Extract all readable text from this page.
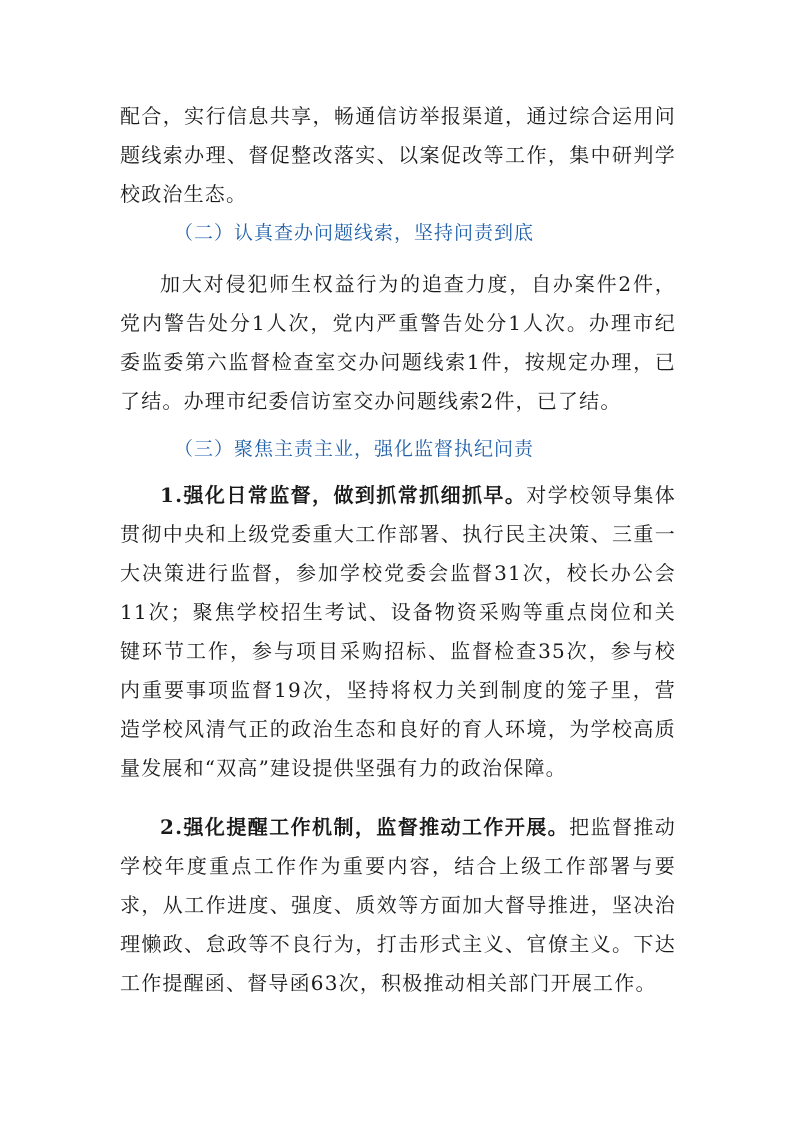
配合，实行信息共享，畅通信访举报渠道，通过综合运用问题线索办理、督促整改落实、以案促改等工作，集中研判学校政治生态。

（二）认真查办问题线索，坚持问责到底

加大对侵犯师生权益行为的追查力度，自办案件2件，党内警告处分1人次，党内严重警告处分1人次。办理市纪委监委第六监督检查室交办问题线索1件，按规定办理，已了结。办理市纪委信访室交办问题线索2件，已了结。

（三）聚焦主责主业，强化监督执纪问责

1.强化日常监督，做到抓常抓细抓早。对学校领导集体贯彻中央和上级党委重大工作部署、执行民主决策、三重一大决策进行监督，参加学校党委会监督31次，校长办公会11次；聚焦学校招生考试、设备物资采购等重点岗位和关键环节工作，参与项目采购招标、监督检查35次，参与校内重要事项监督19次，坚持将权力关到制度的笼子里，营造学校风清气正的政治生态和良好的育人环境，为学校高质量发展和“双高”建设提供坚强有力的政治保障。

2.强化提醒工作机制，监督推动工作开展。把监督推动学校年度重点工作作为重要内容，结合上级工作部署与要求，从工作进度、强度、质效等方面加大督导推进，坚决治理懒政、怠政等不良行为，打击形式主义、官僚主义。下达工作提醒函、督导函63次，积极推动相关部门开展工作。
